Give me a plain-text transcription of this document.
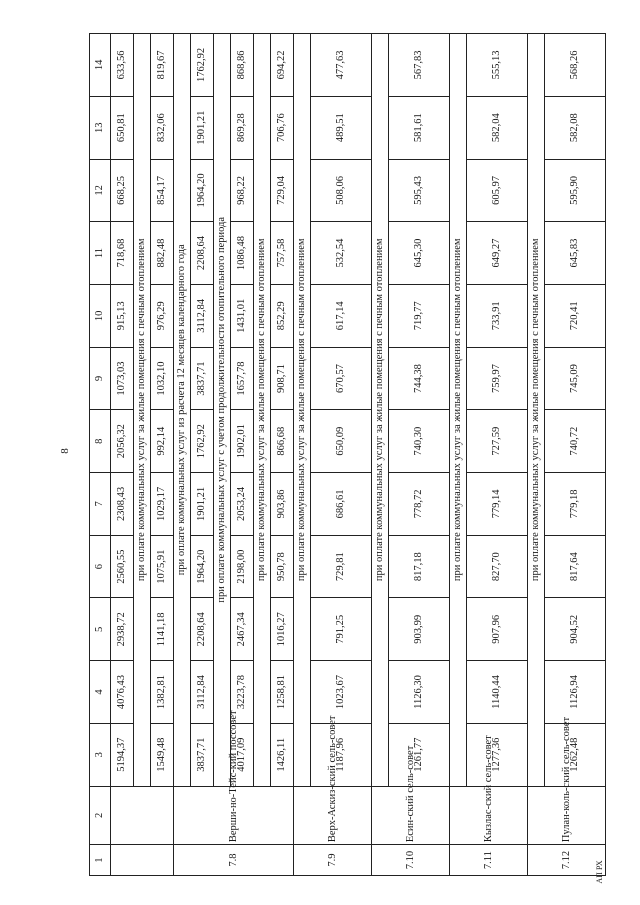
8
АП РХ
1	2	3	4	5	6	7	8	9	10	11	12	13	14
		5194,37	4076,43	2938,72	2560,55	2308,43	2056,32	1073,03	915,13	718,68	668,25	650,81	633,56
		при оплате коммунальных услуг за жилые помещения с печным отоплением											
		1549,48	1382,81	1141,18	1075,91	1029,17	992,14	1032,10	976,29	882,48	854,17	832,06	819,67
7.8	Верши-но-Тейс-кий поссовет	при оплате коммунальных услуг из расчета 12 месяцев календарного года											
		3837,71	3112,84	2208,64	1964,20	1901,21	1762,92	3837,71	3112,84	2208,64	1964,20	1901,21	1762,92
		при оплате коммунальных услуг с учетом продолжительности отопительного периода											
		4017,09	3223,78	2467,34	2198,00	2053,24	1902,01	1657,78	1431,01	1086,48	968,22	869,28	868,86
		при оплате коммунальных услуг за жилые помещения с печным отоплением											
		1426,11	1258,81	1016,27	950,78	903,86	866,68	908,71	852,29	757,58	729,04	706,76	694,22
7.9	Верх-Аскиз-ский сель-совет	при оплате коммунальных услуг за жилые помещения с печным отоплением											
		1187,96	1023,67	791,25	729,81	686,61	650,09	670,57	617,14	532,54	508,06	489,51	477,63
7.10	Есин-ский сель-совет	при оплате коммунальных услуг за жилые помещения с печным отоплением											
		1261,77	1126,30	903,99	817,18	778,72	740,30	744,38	719,77	645,30	595,43	581,61	567,83
7.11	Кызлас-ский сель-совет	при оплате коммунальных услуг за жилые помещения с печным отоплением											
		1277,36	1140,44	907,96	827,70	779,14	727,59	759,97	733,91	649,27	605,97	582,04	555,13
7.12	Пулан-коль-ский сель-совет	при оплате коммунальных услуг за жилые помещения с печным отоплением											
		1262,48	1126,94	904,52	817,64	779,18	740,72	745,09	720,41	645,83	595,90	582,08	568,26
